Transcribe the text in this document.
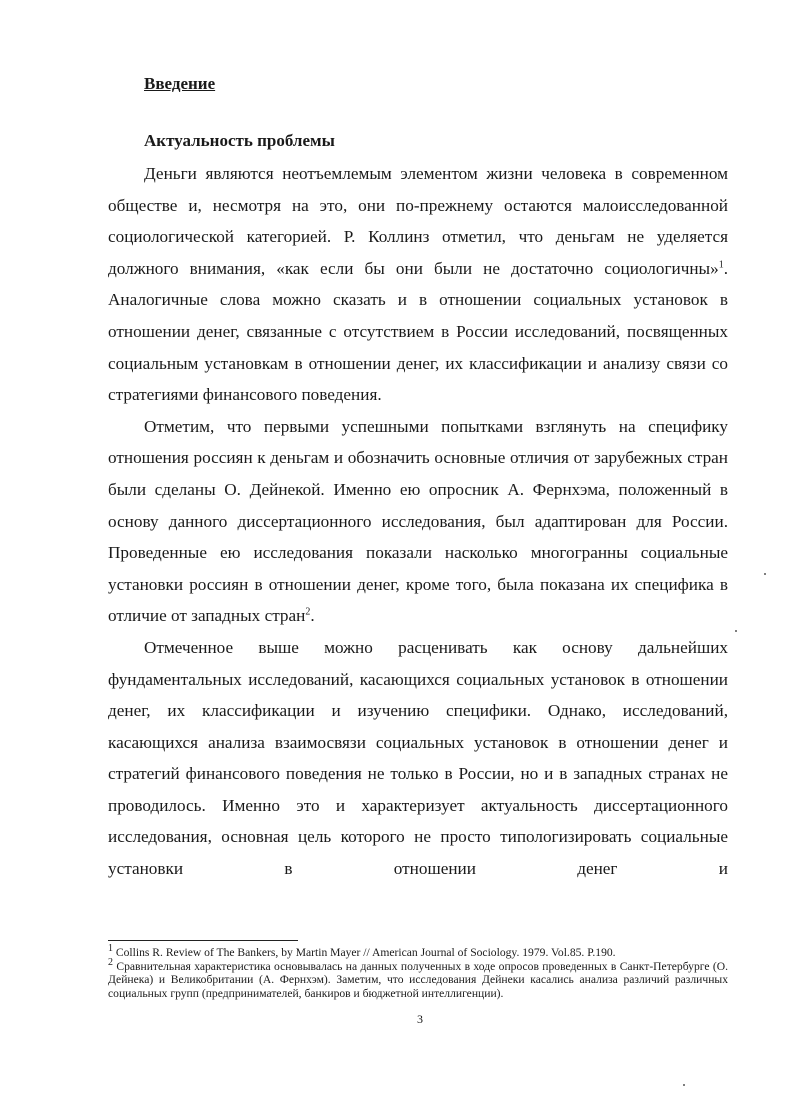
Введение
Актуальность проблемы

Деньги являются неотъемлемым элементом жизни человека в современном обществе и, несмотря на это, они по-прежнему остаются малоисследованной социологической категорией. Р. Коллинз отметил, что деньгам не уделяется должного внимания, «как если бы они были не достаточно социологичны»$^1$. Аналогичные слова можно сказать и в отношении социальных установок в отношении денег, связанные с отсутствием в России исследований, посвященных социальным установкам в отношении денег, их классификации и анализу связи со стратегиями финансового поведения.

Отметим, что первыми успешными попытками взглянуть на специфику отношения россиян к деньгам и обозначить основные отличия от зарубежных стран были сделаны О. Дейнекой. Именно ею опросник А. Фернхэма, положенный в основу данного диссертационного исследования, был адаптирован для России. Проведенные ею исследования показали насколько многогранны социальные установки россиян в отношении денег, кроме того, была показана их специфика в отличие от западных стран$^2$.

Отмеченное выше можно расценивать как основу дальнейших фундаментальных исследований, касающихся социальных установок в отношении денег, их классификации и изучению специфики. Однако, исследований, касающихся анализа взаимосвязи социальных установок в отношении денег и стратегий финансового поведения не только в России, но и в западных странах не проводилось. Именно это и характеризует актуальность диссертационного исследования, основная цель которого не просто типологизировать социальные установки в отношении денег и

$^1$ Collins R. Review of The Bankers, by Martin Mayer // American Journal of Sociology. 1979. Vol.85. P.190.

$^2$ Сравнительная характеристика основывалась на данных полученных в ходе опросов проведенных в Санкт-Петербурге (О. Дейнека) и Великобритании (А. Фернхэм). Заметим, что исследования Дейнеки касались анализа различий различных социальных групп (предпринимателей, банкиров и бюджетной интеллигенции).

3
